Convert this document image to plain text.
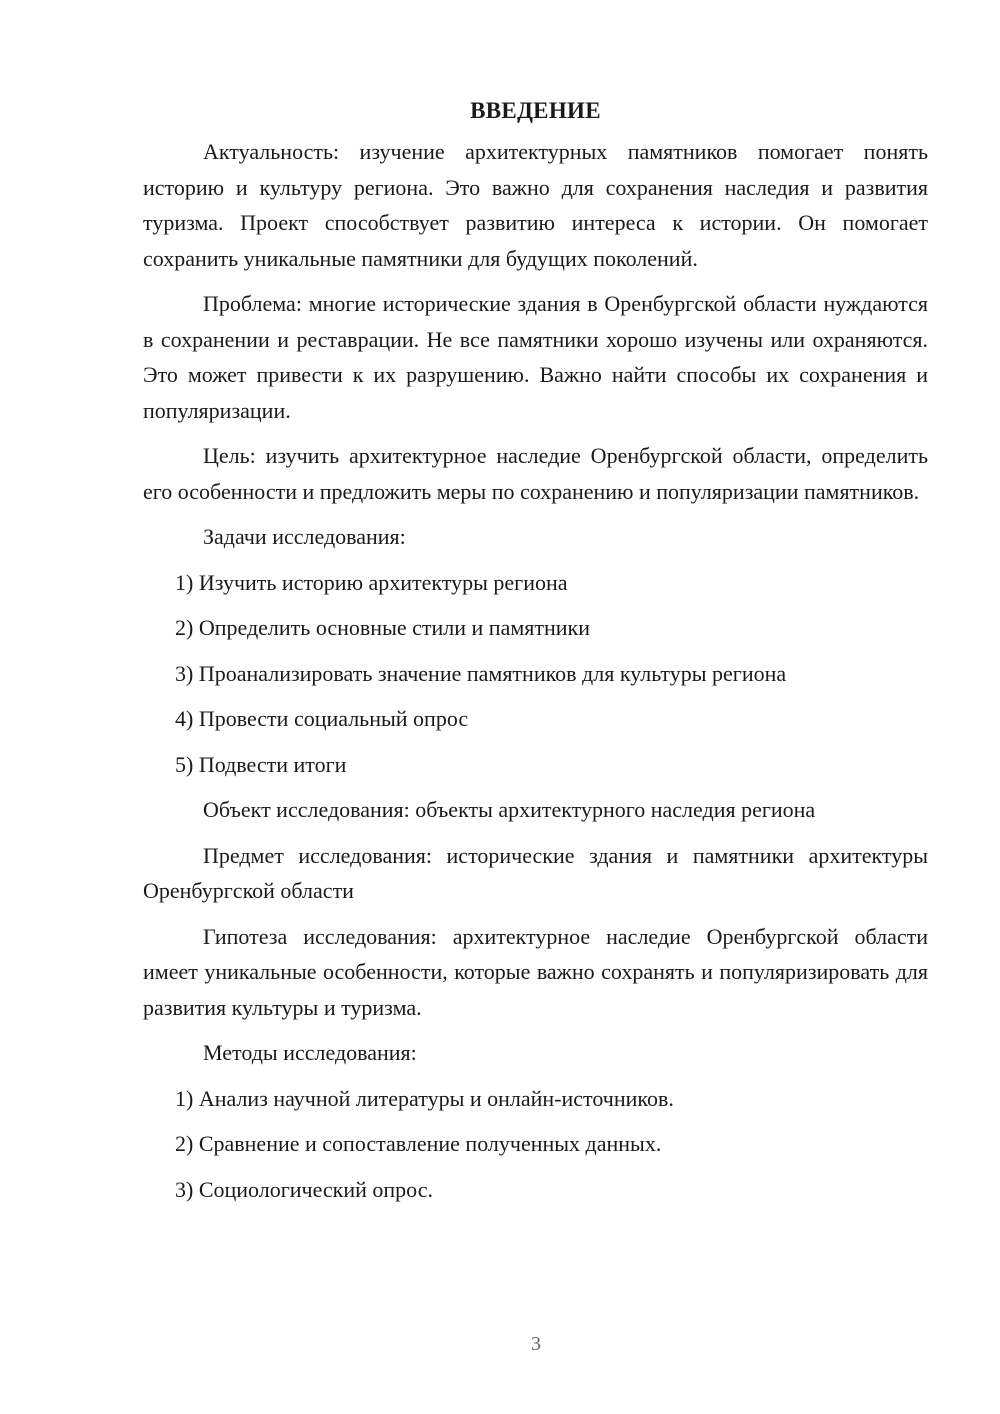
ВВЕДЕНИЕ

Актуальность: изучение архитектурных памятников помогает понять историю и культуру региона. Это важно для сохранения наследия и развития туризма. Проект способствует развитию интереса к истории. Он помогает сохранить уникальные памятники для будущих поколений.

Проблема: многие исторические здания в Оренбургской области нуждаются в сохранении и реставрации. Не все памятники хорошо изучены или охраняются. Это может привести к их разрушению. Важно найти способы их сохранения и популяризации.

Цель: изучить архитектурное наследие Оренбургской области, определить его особенности и предложить меры по сохранению и популяризации памятников.

Задачи исследования:

1) Изучить историю архитектуры региона

2) Определить основные стили и памятники

3) Проанализировать значение памятников для культуры региона

4) Провести социальный опрос

5) Подвести итоги

Объект исследования: объекты архитектурного наследия региона

Предмет исследования: исторические здания и памятники архитектуры Оренбургской области

Гипотеза исследования: архитектурное наследие Оренбургской области имеет уникальные особенности, которые важно сохранять и популяризировать для развития культуры и туризма.

Методы исследования:

1) Анализ научной литературы и онлайн-источников.

2) Сравнение и сопоставление полученных данных.

3) Социологический опрос.

3
